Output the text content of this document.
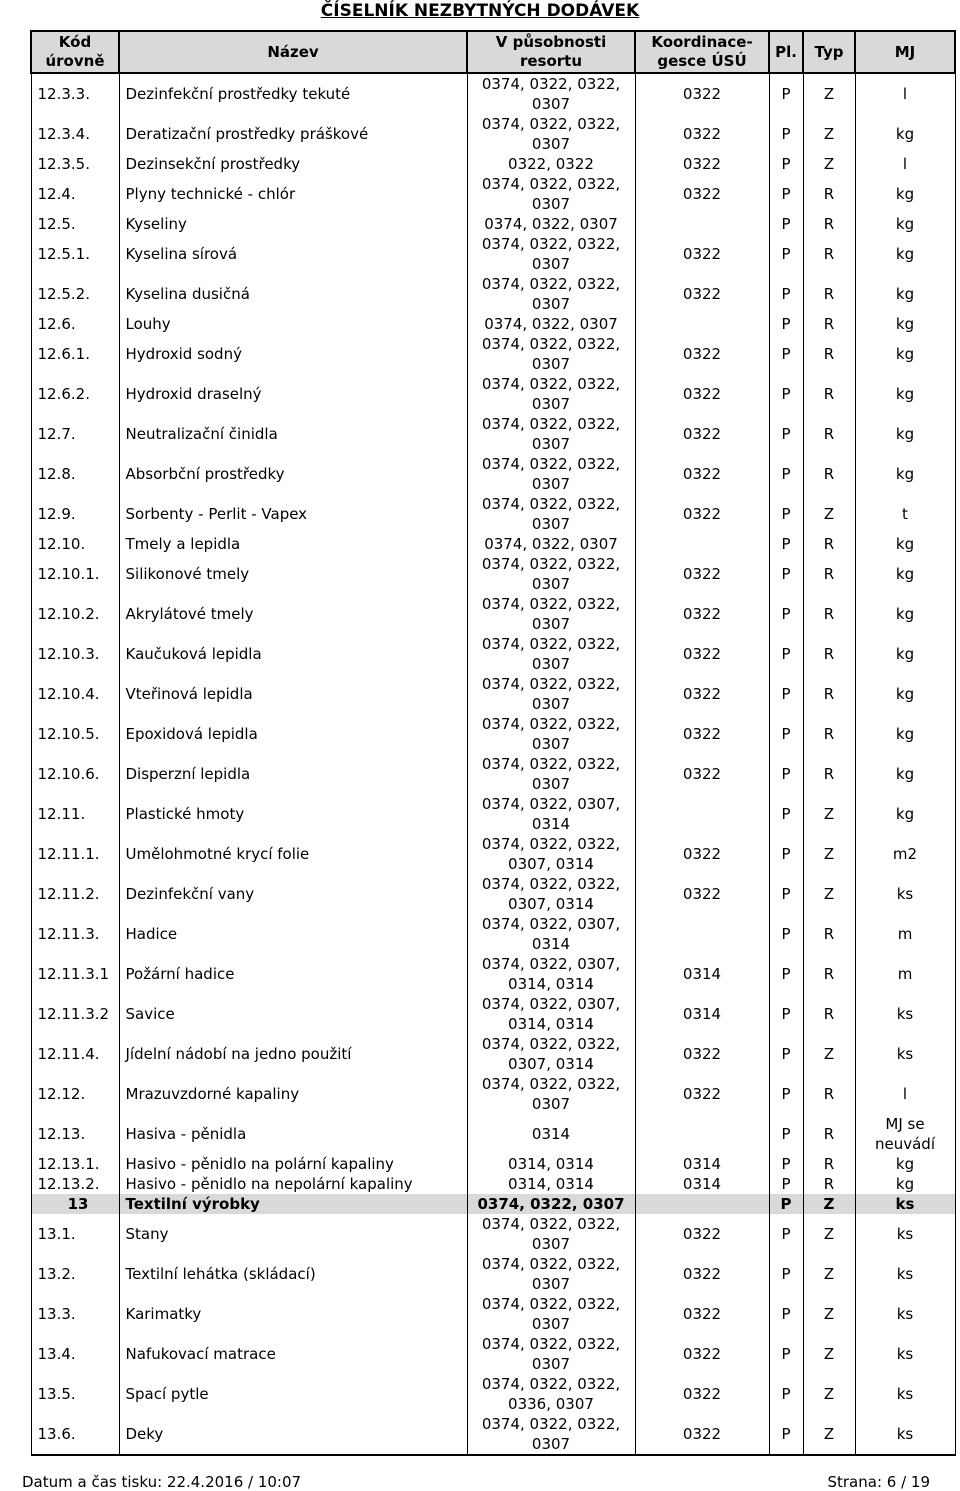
ČÍSELNÍK NEZBYTNÝCH DODÁVEK
Kód úrovně	Název	V působnosti resortu	Koordinace-gesce ÚSÚ	Pl.	Typ	MJ
12.3.3.	Dezinfekční prostředky tekuté	0374, 0322, 0322, 0307	0322	P	Z	l
12.3.4.	Deratizační prostředky práškové	0374, 0322, 0322, 0307	0322	P	Z	kg
12.3.5.	Dezinsekční prostředky	0322, 0322	0322	P	Z	l
12.4.	Plyny technické - chlór	0374, 0322, 0322, 0307	0322	P	R	kg
12.5.	Kyseliny	0374, 0322, 0307		P	R	kg
12.5.1.	Kyselina sírová	0374, 0322, 0322, 0307	0322	P	R	kg
12.5.2.	Kyselina dusičná	0374, 0322, 0322, 0307	0322	P	R	kg
12.6.	Louhy	0374, 0322, 0307		P	R	kg
12.6.1.	Hydroxid sodný	0374, 0322, 0322, 0307	0322	P	R	kg
12.6.2.	Hydroxid draselný	0374, 0322, 0322, 0307	0322	P	R	kg
12.7.	Neutralizační činidla	0374, 0322, 0322, 0307	0322	P	R	kg
12.8.	Absorbční prostředky	0374, 0322, 0322, 0307	0322	P	R	kg
12.9.	Sorbenty - Perlit - Vapex	0374, 0322, 0322, 0307	0322	P	Z	t
12.10.	Tmely a lepidla	0374, 0322, 0307		P	R	kg
12.10.1.	Silikonové tmely	0374, 0322, 0322, 0307	0322	P	R	kg
12.10.2.	Akrylátové tmely	0374, 0322, 0322, 0307	0322	P	R	kg
12.10.3.	Kaučuková lepidla	0374, 0322, 0322, 0307	0322	P	R	kg
12.10.4.	Vteřinová lepidla	0374, 0322, 0322, 0307	0322	P	R	kg
12.10.5.	Epoxidová lepidla	0374, 0322, 0322, 0307	0322	P	R	kg
12.10.6.	Disperzní lepidla	0374, 0322, 0322, 0307	0322	P	R	kg
12.11.	Plastické hmoty	0374, 0322, 0307, 0314		P	Z	kg
12.11.1.	Umělohmotné krycí folie	0374, 0322, 0322, 0307, 0314	0322	P	Z	m2
12.11.2.	Dezinfekční vany	0374, 0322, 0322, 0307, 0314	0322	P	Z	ks
12.11.3.	Hadice	0374, 0322, 0307, 0314		P	R	m
12.11.3.1	Požární hadice	0374, 0322, 0307, 0314, 0314	0314	P	R	m
12.11.3.2	Savice	0374, 0322, 0307, 0314, 0314	0314	P	R	ks
12.11.4.	Jídelní nádobí na jedno použití	0374, 0322, 0322, 0307, 0314	0322	P	Z	ks
12.12.	Mrazuvzdorné kapaliny	0374, 0322, 0322, 0307	0322	P	R	l
12.13.	Hasiva - pěnidla	0314		P	R	MJ se neuvádí
12.13.1.	Hasivo - pěnidlo na polární kapaliny	0314, 0314	0314	P	R	kg
12.13.2.	Hasivo - pěnidlo na nepolární kapaliny	0314, 0314	0314	P	R	kg
13	Textilní výrobky	0374, 0322, 0307		P	Z	ks
13.1.	Stany	0374, 0322, 0322, 0307	0322	P	Z	ks
13.2.	Textilní lehátka (skládací)	0374, 0322, 0322, 0307	0322	P	Z	ks
13.3.	Karimatky	0374, 0322, 0322, 0307	0322	P	Z	ks
13.4.	Nafukovací matrace	0374, 0322, 0322, 0307	0322	P	Z	ks
13.5.	Spací pytle	0374, 0322, 0322, 0336, 0307	0322	P	Z	ks
13.6.	Deky	0374, 0322, 0322, 0307	0322	P	Z	ks
Datum a čas tisku: 22.4.2016 / 10:07	Strana: 6 / 19
